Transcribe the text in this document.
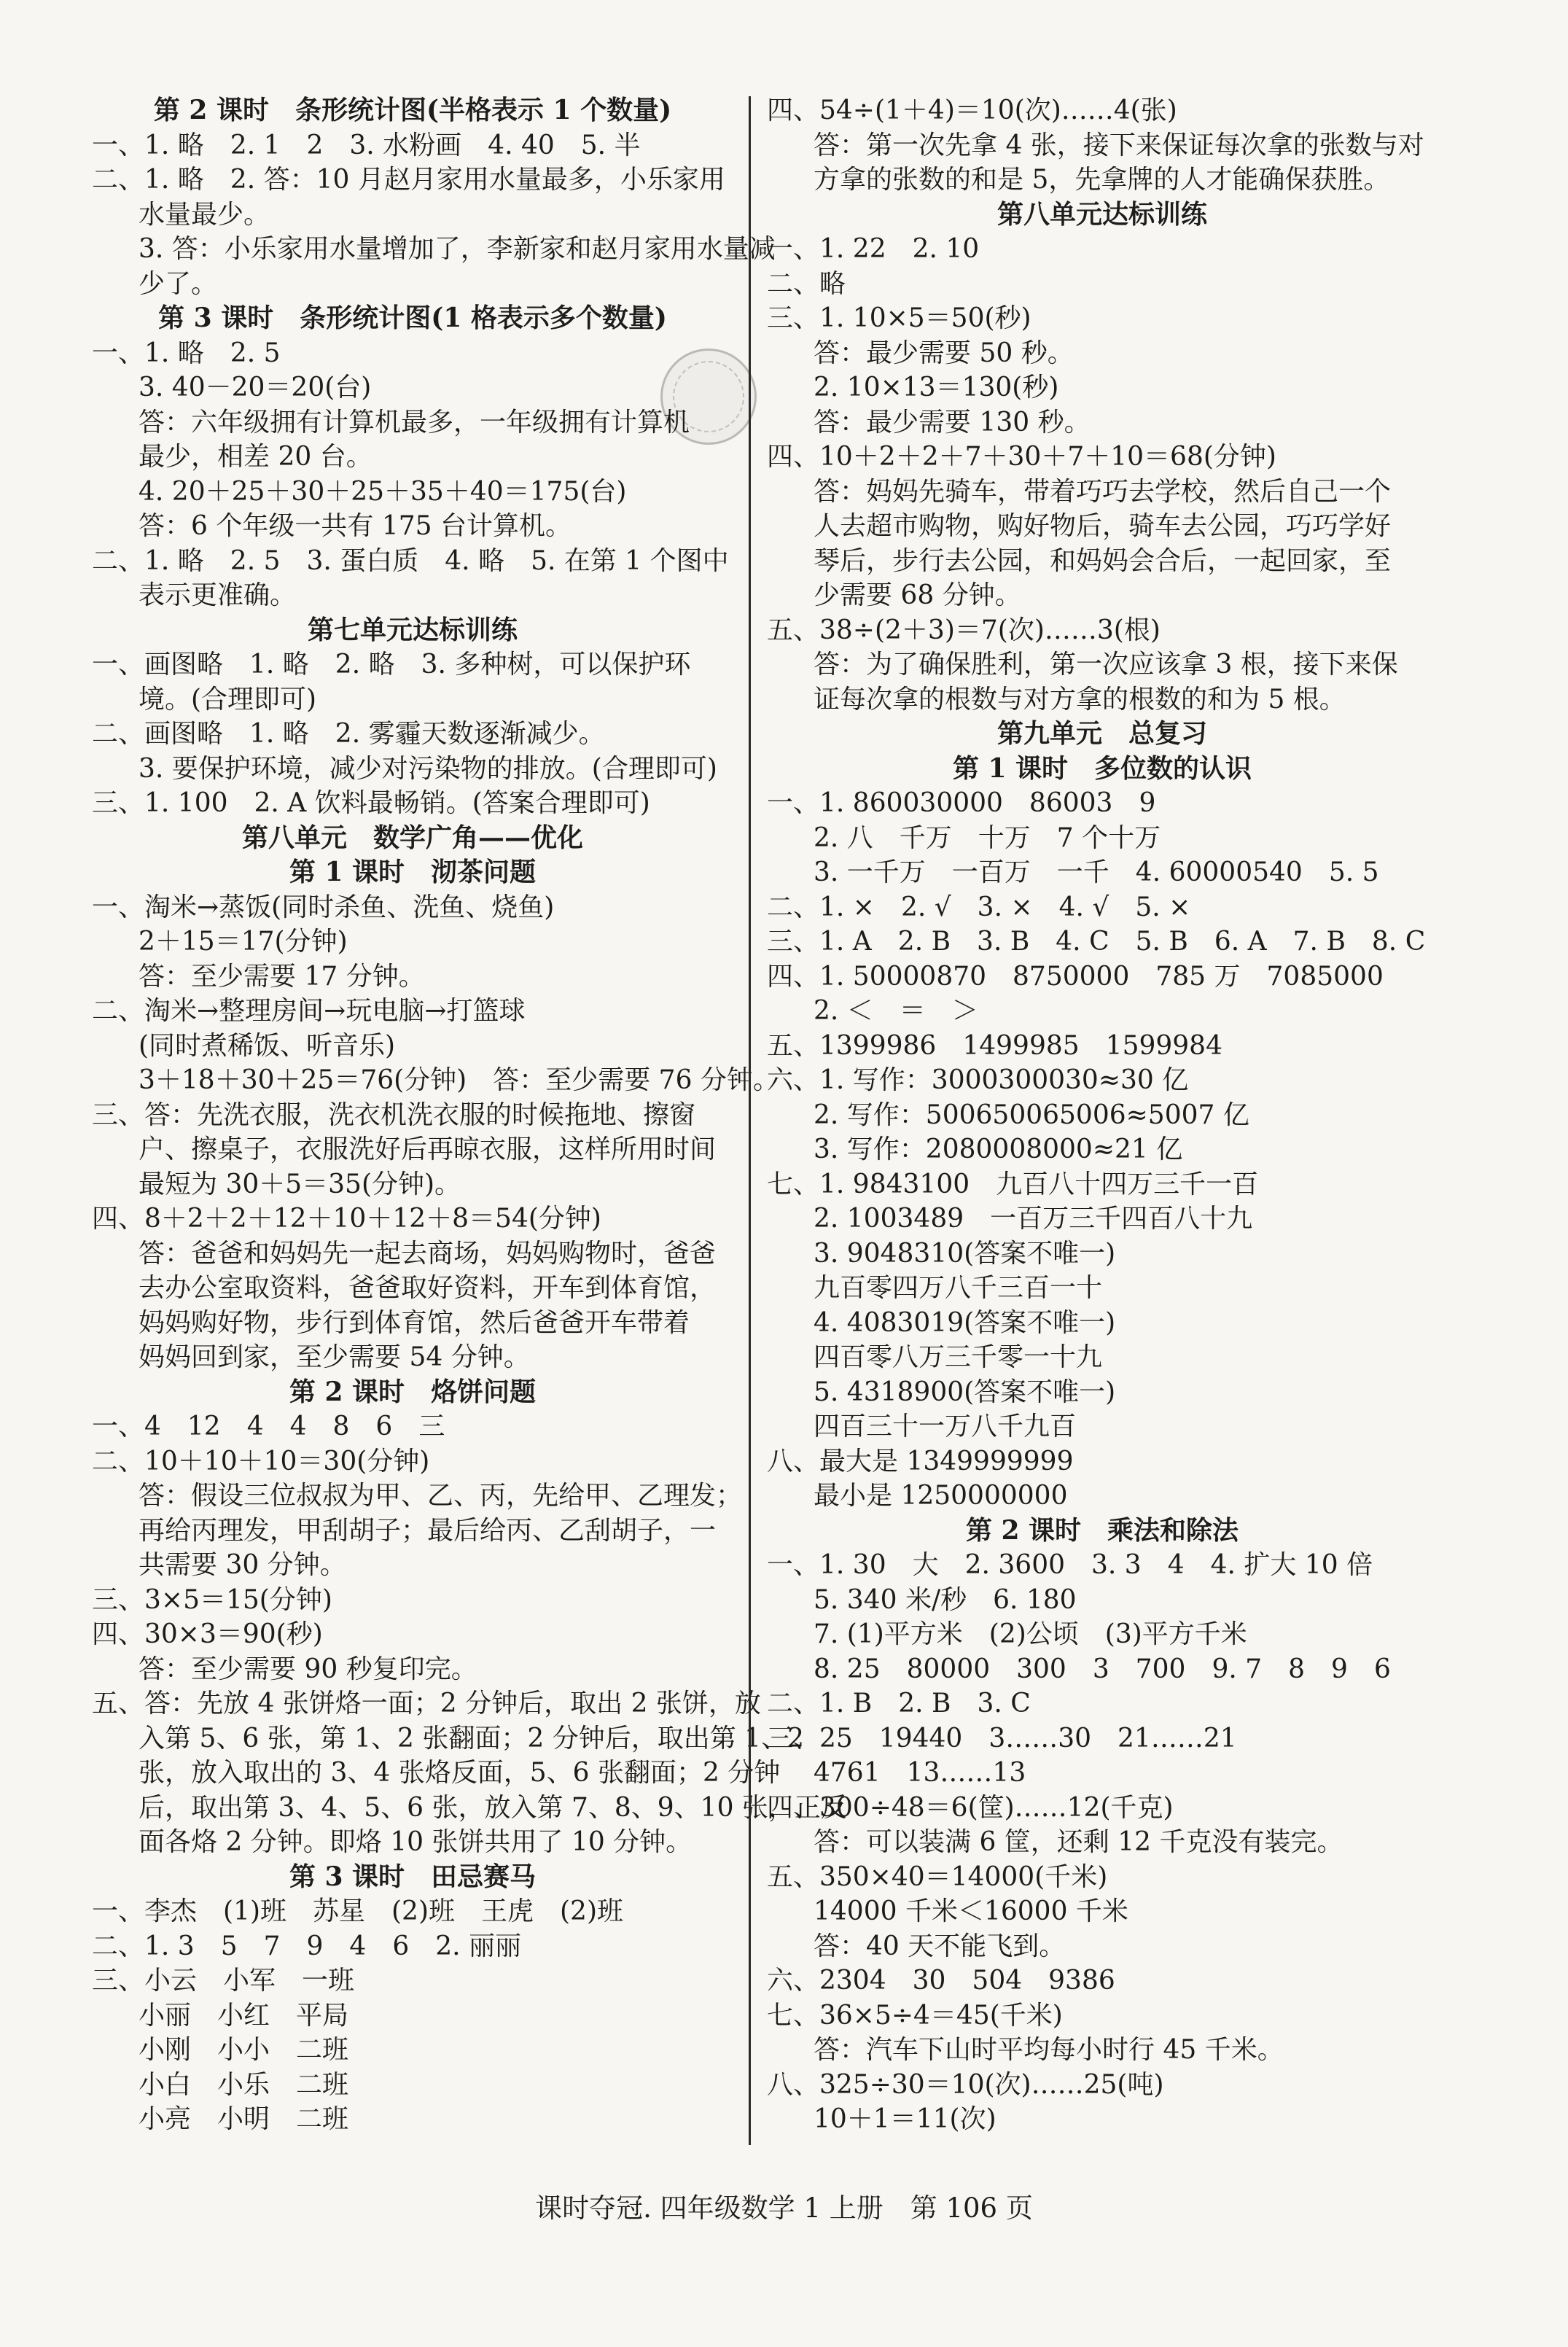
第 2 课时　条形统计图(半格表示 1 个数量)
一、1. 略　2. 1　2　3. 水粉画　4. 40　5. 半
二、1. 略　2. 答：10 月赵月家用水量最多，小乐家用
水量最少。
3. 答：小乐家用水量增加了，李新家和赵月家用水量减
少了。
第 3 课时　条形统计图(1 格表示多个数量)
一、1. 略　2. 5
3. 40－20＝20(台)
答：六年级拥有计算机最多，一年级拥有计算机
最少，相差 20 台。
4. 20＋25＋30＋25＋35＋40＝175(台)
答：6 个年级一共有 175 台计算机。
二、1. 略　2. 5　3. 蛋白质　4. 略　5. 在第 1 个图中
表示更准确。
第七单元达标训练
一、画图略　1. 略　2. 略　3. 多种树，可以保护环
境。(合理即可)
二、画图略　1. 略　2. 雾霾天数逐渐减少。
3. 要保护环境，减少对污染物的排放。(合理即可)
三、1. 100　2. A 饮料最畅销。(答案合理即可)
第八单元　数学广角——优化
第 1 课时　沏茶问题
一、淘米→蒸饭(同时杀鱼、洗鱼、烧鱼)
2＋15＝17(分钟)
答：至少需要 17 分钟。
二、淘米→整理房间→玩电脑→打篮球
(同时煮稀饭、听音乐)
3＋18＋30＋25＝76(分钟)　答：至少需要 76 分钟。
三、答：先洗衣服，洗衣机洗衣服的时候拖地、擦窗
户、擦桌子，衣服洗好后再晾衣服，这样所用时间
最短为 30＋5＝35(分钟)。
四、8＋2＋2＋12＋10＋12＋8＝54(分钟)
答：爸爸和妈妈先一起去商场，妈妈购物时，爸爸
去办公室取资料，爸爸取好资料，开车到体育馆，
妈妈购好物，步行到体育馆，然后爸爸开车带着
妈妈回到家，至少需要 54 分钟。
第 2 课时　烙饼问题
一、4　12　4　4　8　6　三
二、10＋10＋10＝30(分钟)
答：假设三位叔叔为甲、乙、丙，先给甲、乙理发；
再给丙理发，甲刮胡子；最后给丙、乙刮胡子，一
共需要 30 分钟。
三、3×5＝15(分钟)
四、30×3＝90(秒)
答：至少需要 90 秒复印完。
五、答：先放 4 张饼烙一面；2 分钟后，取出 2 张饼，放
入第 5、6 张，第 1、2 张翻面；2 分钟后，取出第 1、2
张，放入取出的 3、4 张烙反面，5、6 张翻面；2 分钟
后，取出第 3、4、5、6 张，放入第 7、8、9、10 张，正反
面各烙 2 分钟。即烙 10 张饼共用了 10 分钟。
第 3 课时　田忌赛马
一、李杰　(1)班　苏星　(2)班　王虎　(2)班
二、1. 3　5　7　9　4　6　2. 丽丽
三、小云　小军　一班
小丽　小红　平局
小刚　小小　二班
小白　小乐　二班
小亮　小明　二班
四、54÷(1＋4)＝10(次)……4(张)
答：第一次先拿 4 张，接下来保证每次拿的张数与对
方拿的张数的和是 5，先拿牌的人才能确保获胜。
第八单元达标训练
一、1. 22　2. 10
二、略
三、1. 10×5＝50(秒)
答：最少需要 50 秒。
2. 10×13＝130(秒)
答：最少需要 130 秒。
四、10＋2＋2＋7＋30＋7＋10＝68(分钟)
答：妈妈先骑车，带着巧巧去学校，然后自己一个
人去超市购物，购好物后，骑车去公园，巧巧学好
琴后，步行去公园，和妈妈会合后，一起回家，至
少需要 68 分钟。
五、38÷(2＋3)＝7(次)……3(根)
答：为了确保胜利，第一次应该拿 3 根，接下来保
证每次拿的根数与对方拿的根数的和为 5 根。
第九单元　总复习
第 1 课时　多位数的认识
一、1. 860030000　86003　9
2. 八　千万　十万　7 个十万
3. 一千万　一百万　一千　4. 60000540　5. 5
二、1. ×　2. √　3. ×　4. √　5. ×
三、1. A　2. B　3. B　4. C　5. B　6. A　7. B　8. C
四、1. 50000870　8750000　785 万　7085000
2. ＜　＝　＞
五、1399986　1499985　1599984
六、1. 写作：3000300030≈30 亿
2. 写作：500650065006≈5007 亿
3. 写作：2080008000≈21 亿
七、1. 9843100　九百八十四万三千一百
2. 1003489　一百万三千四百八十九
3. 9048310(答案不唯一)
九百零四万八千三百一十
4. 4083019(答案不唯一)
四百零八万三千零一十九
5. 4318900(答案不唯一)
四百三十一万八千九百
八、最大是 1349999999
最小是 1250000000
第 2 课时　乘法和除法
一、1. 30　大　2. 3600　3. 3　4　4. 扩大 10 倍
5. 340 米/秒　6. 180
7. (1)平方米　(2)公顷　(3)平方千米
8. 25　80000　300　3　700　9. 7　8　9　6
二、1. B　2. B　3. C
三、25　19440　3……30　21……21
4761　13……13
四、300÷48＝6(筐)……12(千克)
答：可以装满 6 筐，还剩 12 千克没有装完。
五、350×40＝14000(千米)
14000 千米＜16000 千米
答：40 天不能飞到。
六、2304　30　504　9386
七、36×5÷4＝45(千米)
答：汽车下山时平均每小时行 45 千米。
八、325÷30＝10(次)……25(吨)
10＋1＝11(次)
课时夺冠. 四年级数学 1 上册　第 106 页
